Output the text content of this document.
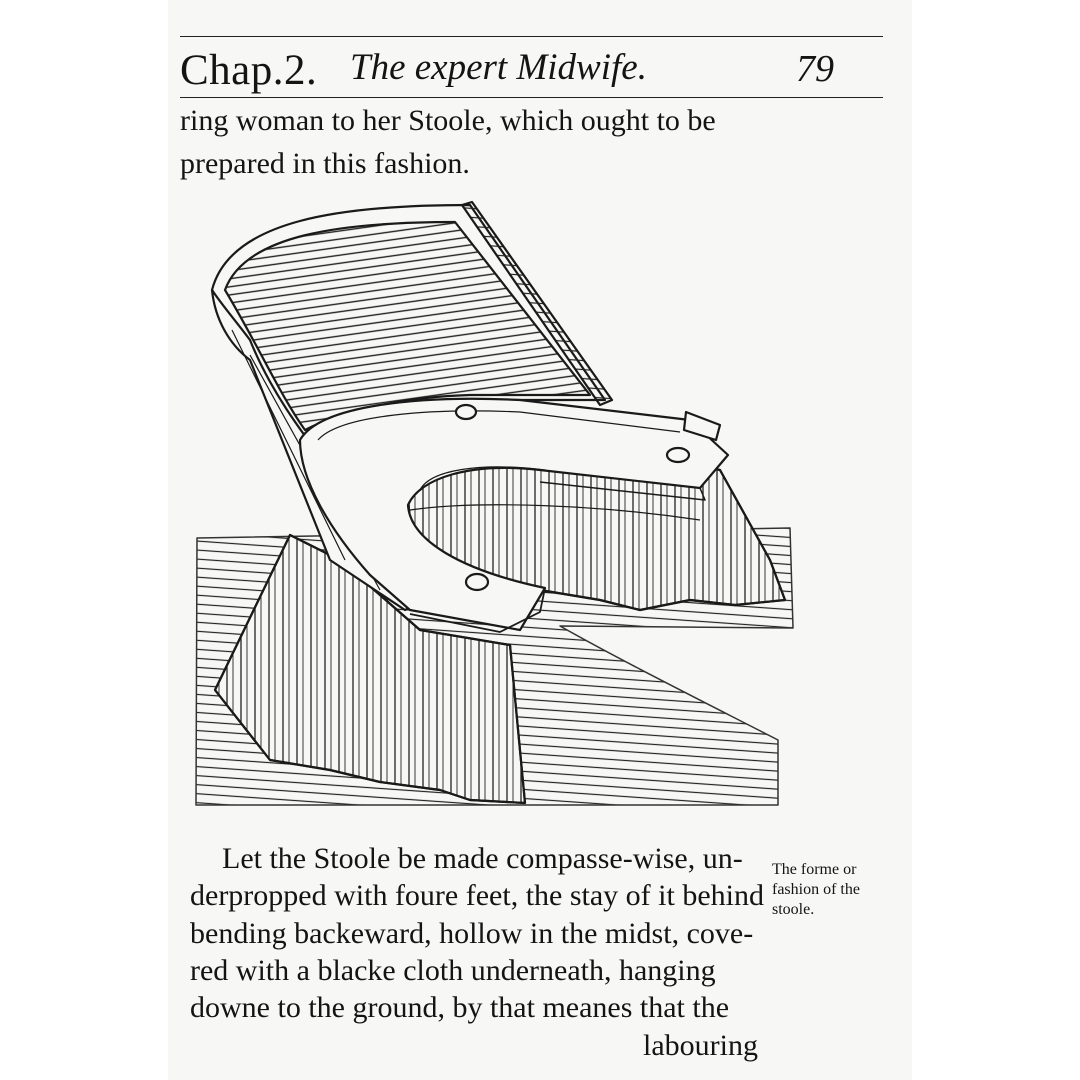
Chap.2. The expert Midwife.	79
ring woman to her Stoole, which ought to be
prepared in this fashion.
Let the Stoole be made compasse-wise, un-
derpropped with foure feet, the stay of it behind
bending backeward, hollow in the midst, cove-
red with a blacke cloth underneath, hanging
downe to the ground, by that meanes that the
labouring
The forme or
fashion of the
stoole.
